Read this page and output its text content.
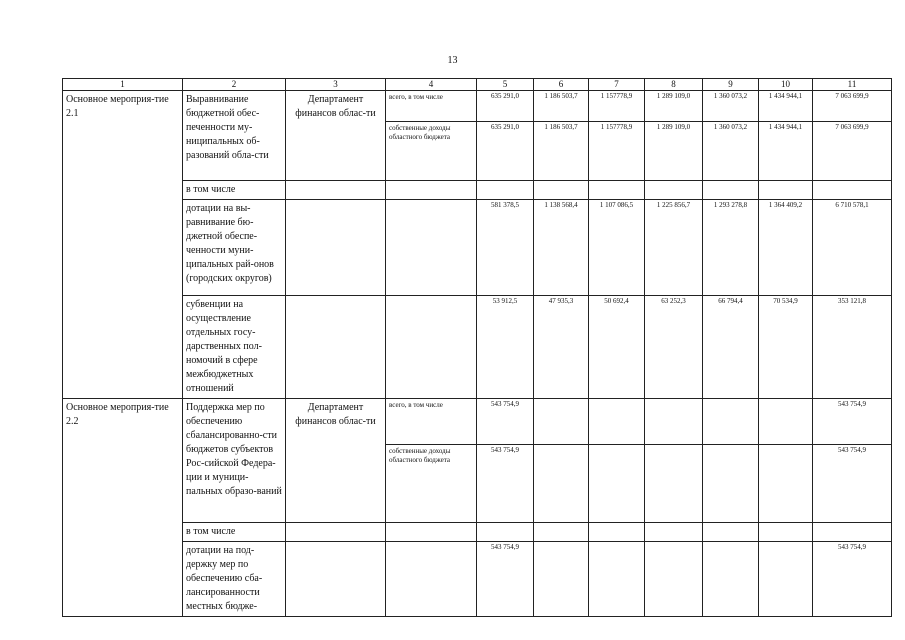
13
1	2	3	4	5	6	7	8	9	10	11
Основное мероприя-тие 2.1	Выравнивание бюджетной обес-печенности му-ниципальных об-разований обла-сти	Департамент финансов облас-ти	всего, в том числе	635 291,0	1 186 503,7	1 157778,9	1 289 109,0	1 360 073,2	1 434 944,1	7 063 699,9
			собственные доходы областного бюджета	635 291,0	1 186 503,7	1 157778,9	1 289 109,0	1 360 073,2	1 434 944,1	7 063 699,9
	в том числе									
	дотации на вы-равнивание бю-джетной обеспе-ченности муни-ципальных рай-онов (городских округов)			581 378,5	1 138 568,4	1 107 086,5	1 225 856,7	1 293 278,8	1 364 409,2	6 710 578,1
	субвенции на осуществление отдельных госу-дарственных пол-номочий в сфере межбюджетных отношений			53 912,5	47 935,3	50 692,4	63 252,3	66 794,4	70 534,9	353 121,8
Основное мероприя-тие 2.2	Поддержка мер по обеспечению сбалансированно-сти бюджетов субъектов Рос-сийской Федера-ции и муници-пальных образо-ваний	Департамент финансов облас-ти	всего, в том числе	543 754,9						543 754,9
			собственные доходы областного бюджета	543 754,9						543 754,9
	в том числе									
	дотации на под-держку мер по обеспечению сба-лансированности местных бюдже-			543 754,9						543 754,9
